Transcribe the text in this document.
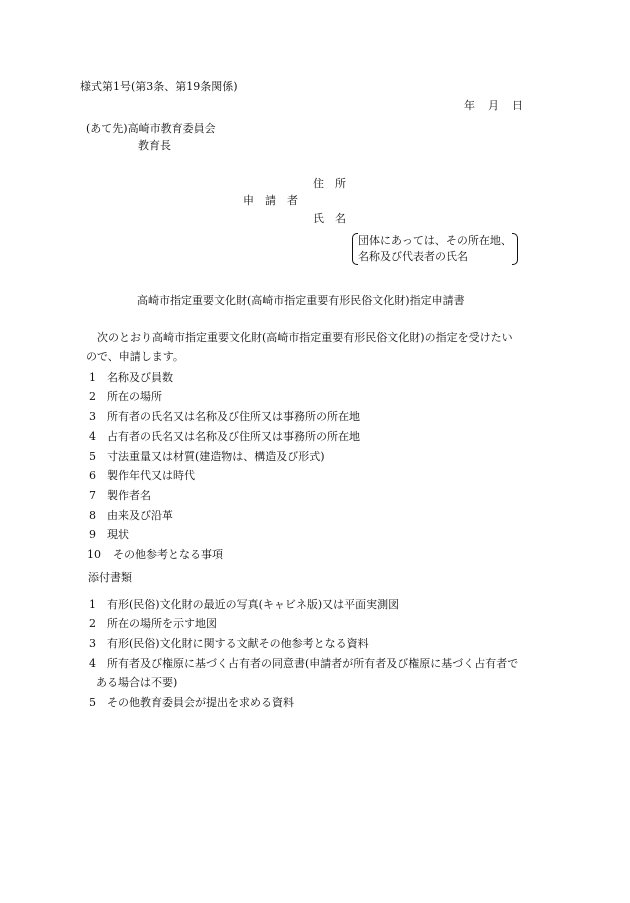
様式第1号(第3条、第19条関係)
年 月 日
(あて先)高崎市教育委員会
教育長
住　所
申　請　者
氏　名
団体にあっては、その所在地、
名称及び代表者の氏名
高崎市指定重要文化財(高崎市指定重要有形民俗文化財)指定申請書
次のとおり高崎市指定重要文化財(高崎市指定重要有形民俗文化財)の指定を受けたい
ので、申請します。
1 名称及び員数
2 所在の場所
3 所有者の氏名又は名称及び住所又は事務所の所在地
4 占有者の氏名又は名称及び住所又は事務所の所在地
5 寸法重量又は材質(建造物は、構造及び形式)
6 製作年代又は時代
7 製作者名
8 由来及び沿革
9 現状
10 その他参考となる事項
添付書類
1 有形(民俗)文化財の最近の写真(キャビネ版)又は平面実測図
2 所在の場所を示す地図
3 有形(民俗)文化財に関する文献その他参考となる資料
4 所有者及び権原に基づく占有者の同意書(申請者が所有者及び権原に基づく占有者で
ある場合は不要)
5 その他教育委員会が提出を求める資料
